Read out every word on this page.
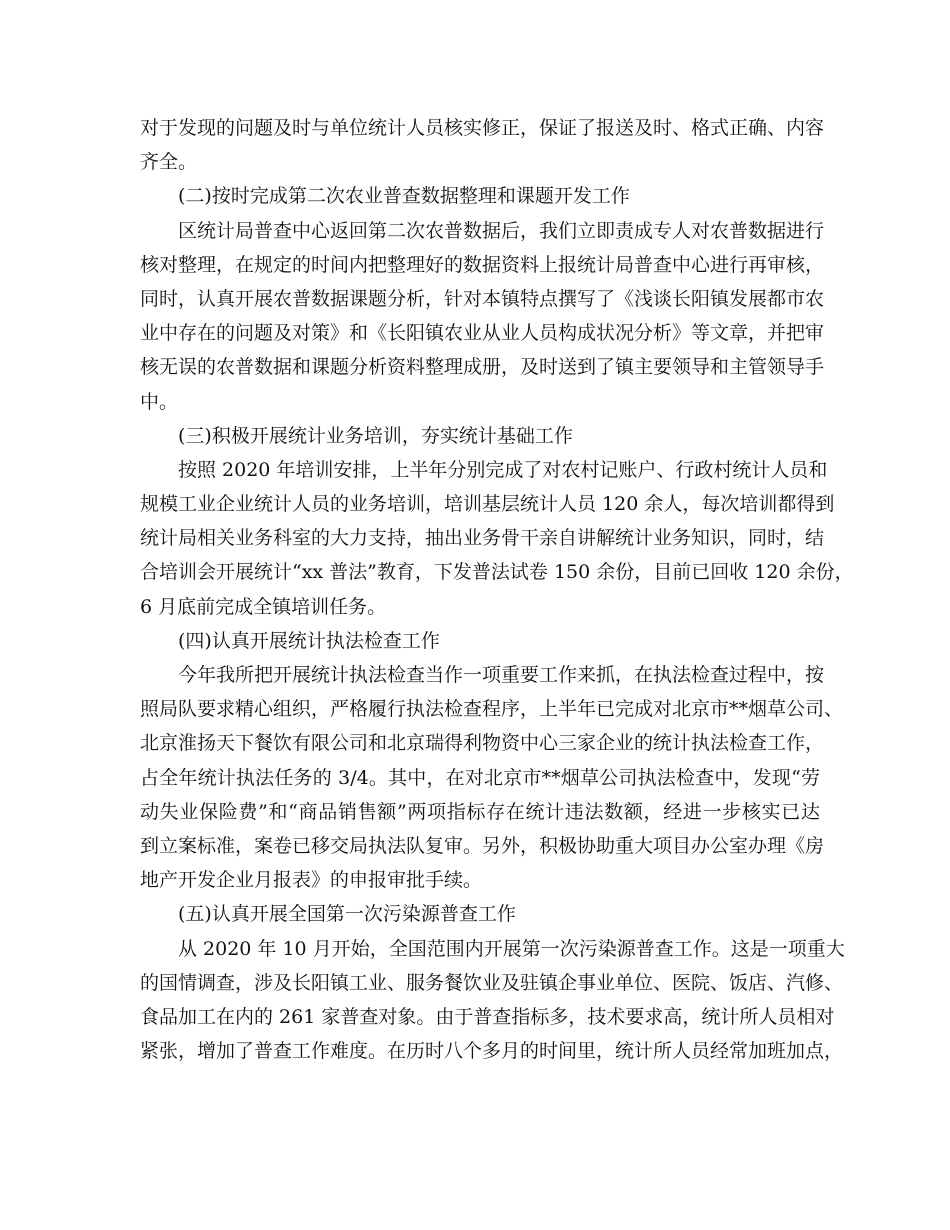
对于发现的问题及时与单位统计人员核实修正，保证了报送及时、格式正确、内容
齐全。
(二)按时完成第二次农业普查数据整理和课题开发工作
区统计局普查中心返回第二次农普数据后，我们立即责成专人对农普数据进行
核对整理，在规定的时间内把整理好的数据资料上报统计局普查中心进行再审核，
同时，认真开展农普数据课题分析，针对本镇特点撰写了《浅谈长阳镇发展都市农
业中存在的问题及对策》和《长阳镇农业从业人员构成状况分析》等文章，并把审
核无误的农普数据和课题分析资料整理成册，及时送到了镇主要领导和主管领导手
中。
(三)积极开展统计业务培训，夯实统计基础工作
按照 2020 年培训安排，上半年分别完成了对农村记账户、行政村统计人员和
规模工业企业统计人员的业务培训，培训基层统计人员 120 余人，每次培训都得到
统计局相关业务科室的大力支持，抽出业务骨干亲自讲解统计业务知识，同时，结
合培训会开展统计“xx 普法”教育，下发普法试卷 150 余份，目前已回收 120 余份，
6 月底前完成全镇培训任务。
(四)认真开展统计执法检查工作
今年我所把开展统计执法检查当作一项重要工作来抓，在执法检查过程中，按
照局队要求精心组织，严格履行执法检查程序，上半年已完成对北京市**烟草公司、
北京淮扬天下餐饮有限公司和北京瑞得利物资中心三家企业的统计执法检查工作，
占全年统计执法任务的 3/4。其中，在对北京市**烟草公司执法检查中，发现“劳
动失业保险费”和“商品销售额”两项指标存在统计违法数额，经进一步核实已达
到立案标准，案卷已移交局执法队复审。另外，积极协助重大项目办公室办理《房
地产开发企业月报表》的申报审批手续。
(五)认真开展全国第一次污染源普查工作
从 2020 年 10 月开始，全国范围内开展第一次污染源普查工作。这是一项重大
的国情调查，涉及长阳镇工业、服务餐饮业及驻镇企事业单位、医院、饭店、汽修、
食品加工在内的 261 家普查对象。由于普查指标多，技术要求高，统计所人员相对
紧张，增加了普查工作难度。在历时八个多月的时间里，统计所人员经常加班加点，
